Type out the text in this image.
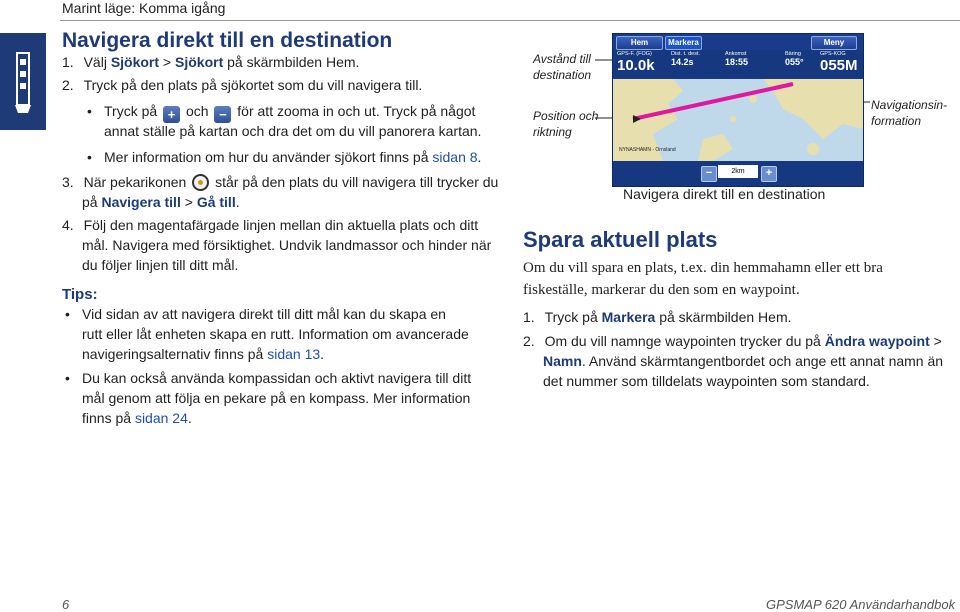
Marint läge: Komma igång
Navigera direkt till en destination
1. Välj Sjökort > Sjökort på skärmbilden Hem.
2. Tryck på den plats på sjökortet som du vill navigera till.
• Tryck på + och − för att zooma in och ut. Tryck på något
annat ställe på kartan och dra det om du vill panorera kartan.
• Mer information om hur du använder sjökort finns på sidan 8.
3. När pekarikonen står på den plats du vill navigera till trycker du
på Navigera till > Gå till.
4. Följ den magentafärgade linjen mellan din aktuella plats och ditt
mål. Navigera med försiktighet. Undvik landmassor och hinder när
du följer linjen till ditt mål.
Tips:
• Vid sidan av att navigera direkt till ditt mål kan du skapa en
rutt eller låt enheten skapa en rutt. Information om avancerade
navigeringsalternativ finns på sidan 13.
• Du kan också använda kompassidan och aktivt navigera till ditt
mål genom att följa en pekare på en kompass. Mer information
finns på sidan 24.
Avstånd till
destination
Position och
riktning
Navigationsin-
formation
Hem	Markera	Meny
GPS-F. (FOG)
10.0k
Dist. t. dest.
14.2s
Ankomst
18:55
Bäring
055°
GPS-KOG
055M
NYNASHAMN - Ornsland
−	2km	+
Navigera direkt till en destination
Spara aktuell plats
Om du vill spara en plats, t.ex. din hemmahamn eller ett bra fiskeställe, markerar du den som en waypoint.
1. Tryck på Markera på skärmbilden Hem.
2. Om du vill namnge waypointen trycker du på Ändra waypoint >
Namn. Använd skärmtangentbordet och ange ett annat namn än
det nummer som tilldelats waypointen som standard.
6	GPSMAP 620 Användarhandbok
